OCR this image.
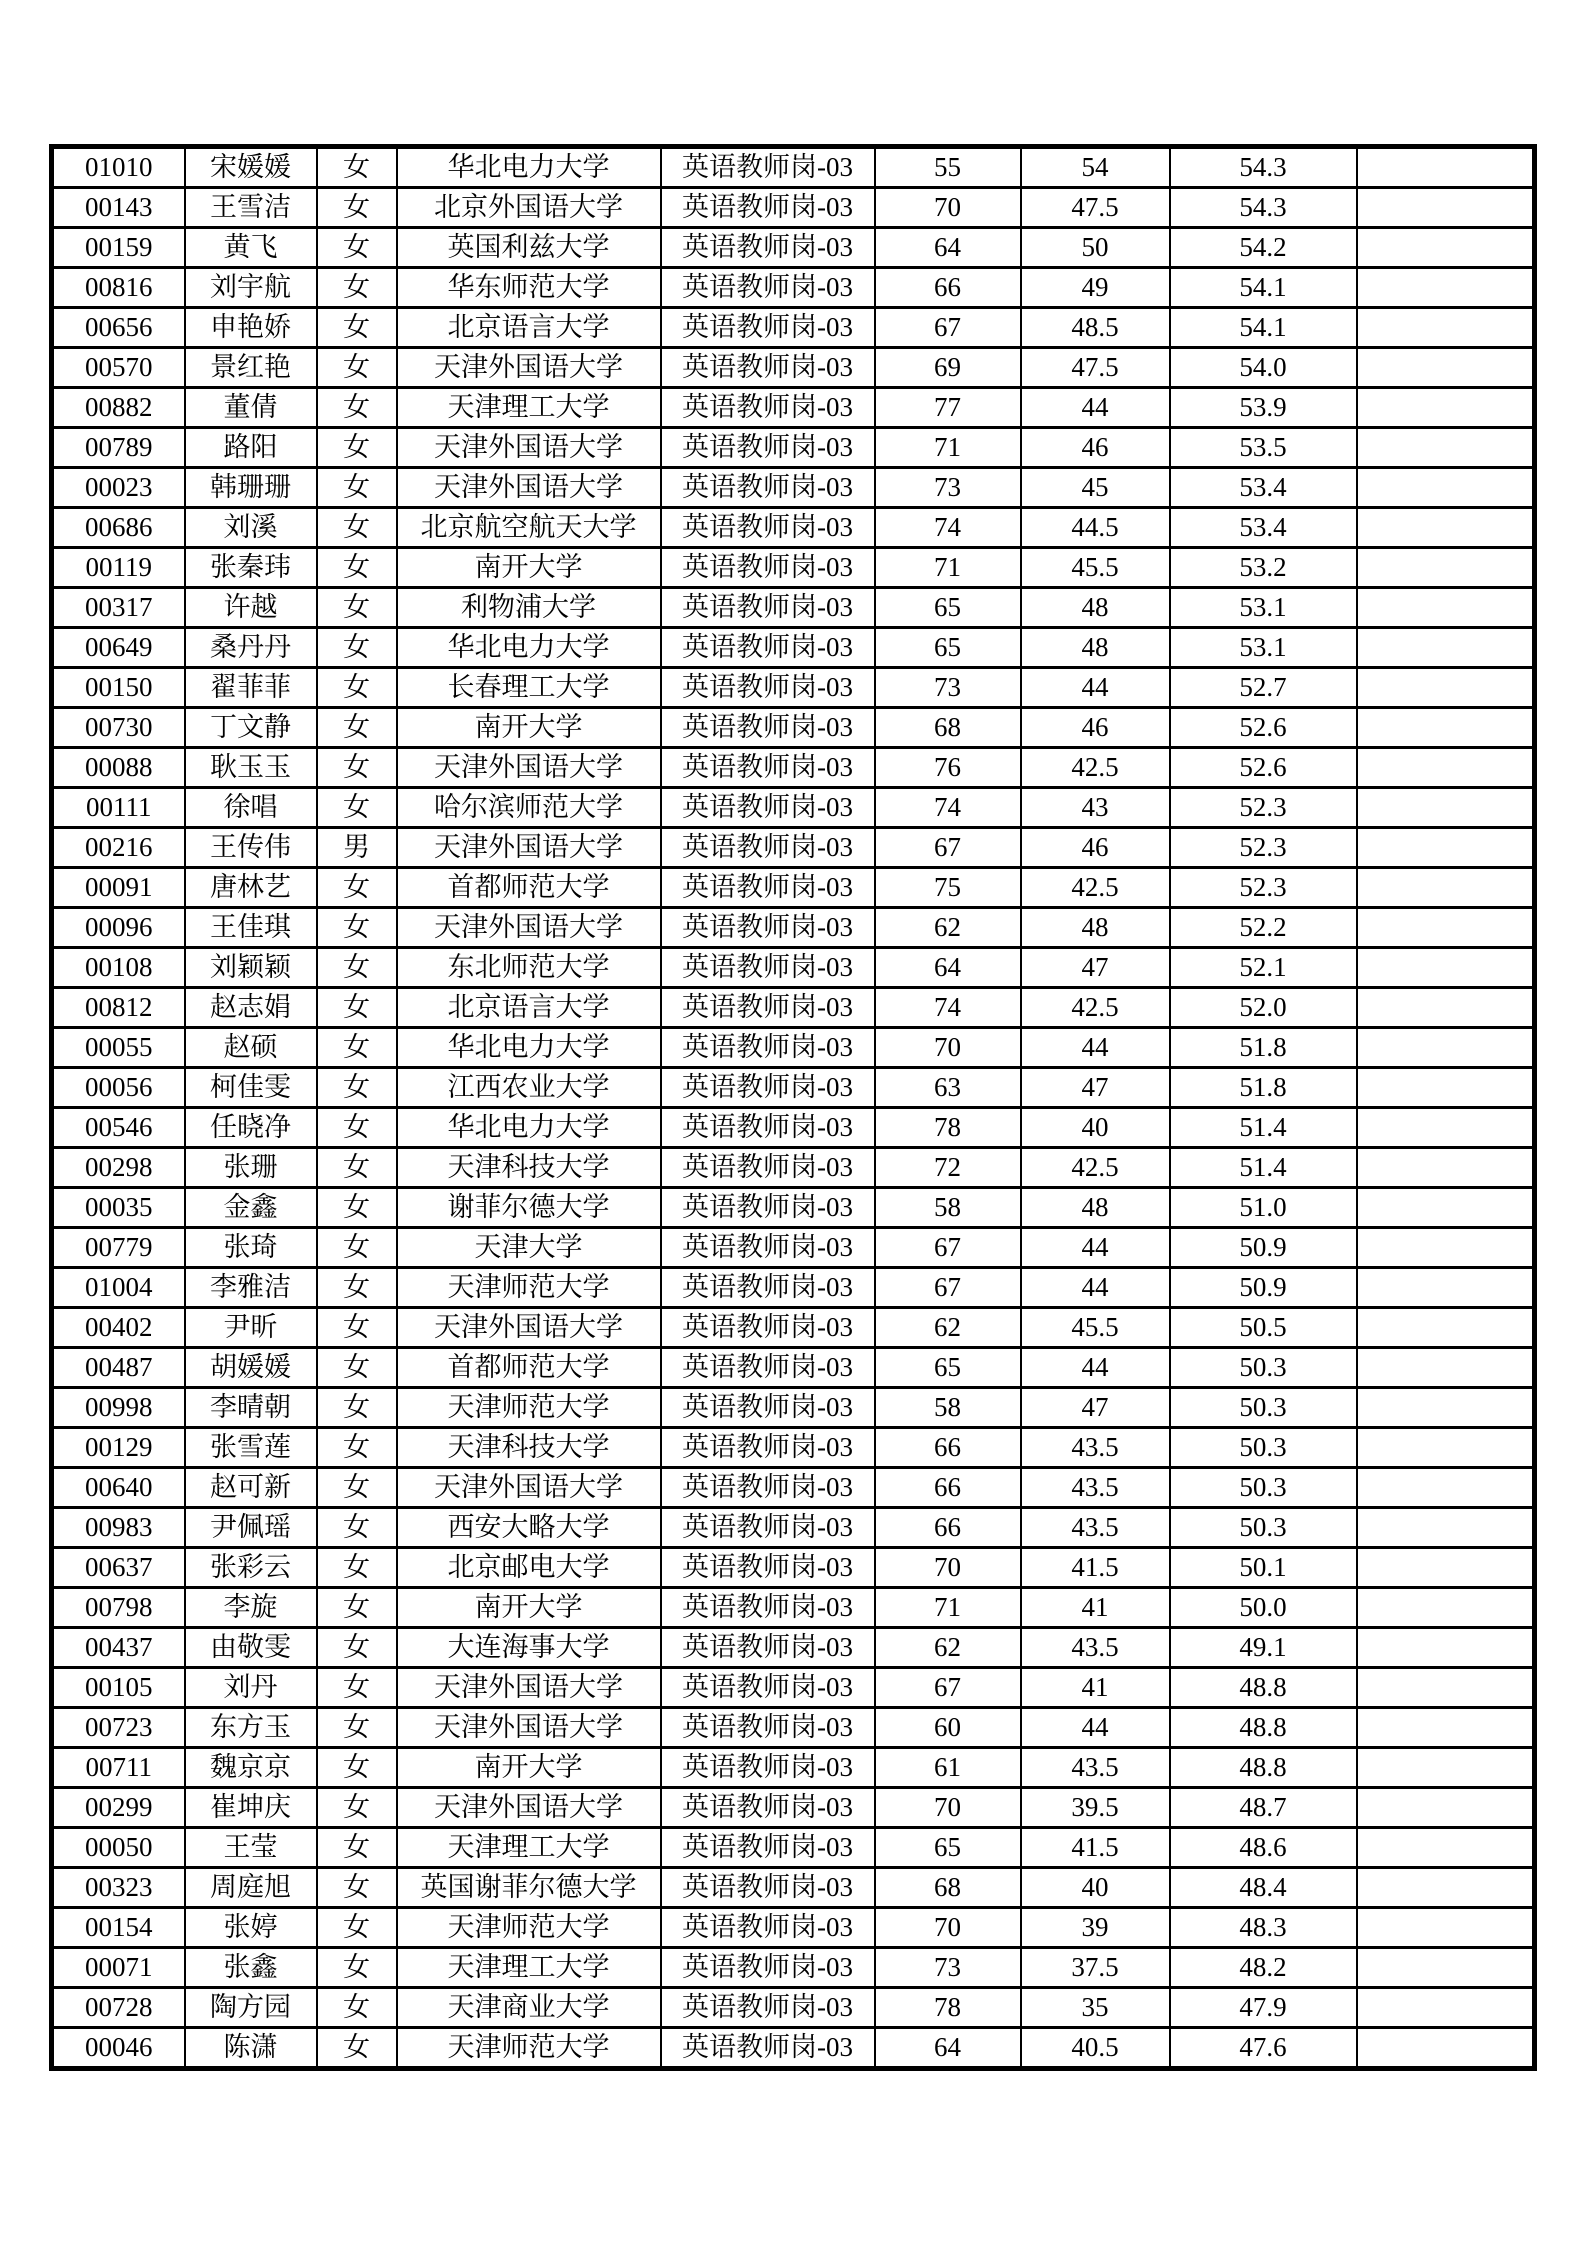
01010	宋媛媛	女	华北电力大学	英语教师岗-03	55	54	54.3	
00143	王雪洁	女	北京外国语大学	英语教师岗-03	70	47.5	54.3	
00159	黄飞	女	英国利兹大学	英语教师岗-03	64	50	54.2	
00816	刘宇航	女	华东师范大学	英语教师岗-03	66	49	54.1	
00656	申艳娇	女	北京语言大学	英语教师岗-03	67	48.5	54.1	
00570	景红艳	女	天津外国语大学	英语教师岗-03	69	47.5	54.0	
00882	董倩	女	天津理工大学	英语教师岗-03	77	44	53.9	
00789	路阳	女	天津外国语大学	英语教师岗-03	71	46	53.5	
00023	韩珊珊	女	天津外国语大学	英语教师岗-03	73	45	53.4	
00686	刘溪	女	北京航空航天大学	英语教师岗-03	74	44.5	53.4	
00119	张秦玮	女	南开大学	英语教师岗-03	71	45.5	53.2	
00317	许越	女	利物浦大学	英语教师岗-03	65	48	53.1	
00649	桑丹丹	女	华北电力大学	英语教师岗-03	65	48	53.1	
00150	翟菲菲	女	长春理工大学	英语教师岗-03	73	44	52.7	
00730	丁文静	女	南开大学	英语教师岗-03	68	46	52.6	
00088	耿玉玉	女	天津外国语大学	英语教师岗-03	76	42.5	52.6	
00111	徐唱	女	哈尔滨师范大学	英语教师岗-03	74	43	52.3	
00216	王传伟	男	天津外国语大学	英语教师岗-03	67	46	52.3	
00091	唐林艺	女	首都师范大学	英语教师岗-03	75	42.5	52.3	
00096	王佳琪	女	天津外国语大学	英语教师岗-03	62	48	52.2	
00108	刘颖颖	女	东北师范大学	英语教师岗-03	64	47	52.1	
00812	赵志娟	女	北京语言大学	英语教师岗-03	74	42.5	52.0	
00055	赵硕	女	华北电力大学	英语教师岗-03	70	44	51.8	
00056	柯佳雯	女	江西农业大学	英语教师岗-03	63	47	51.8	
00546	任晓净	女	华北电力大学	英语教师岗-03	78	40	51.4	
00298	张珊	女	天津科技大学	英语教师岗-03	72	42.5	51.4	
00035	金鑫	女	谢菲尔德大学	英语教师岗-03	58	48	51.0	
00779	张琦	女	天津大学	英语教师岗-03	67	44	50.9	
01004	李雅洁	女	天津师范大学	英语教师岗-03	67	44	50.9	
00402	尹昕	女	天津外国语大学	英语教师岗-03	62	45.5	50.5	
00487	胡媛媛	女	首都师范大学	英语教师岗-03	65	44	50.3	
00998	李晴朝	女	天津师范大学	英语教师岗-03	58	47	50.3	
00129	张雪莲	女	天津科技大学	英语教师岗-03	66	43.5	50.3	
00640	赵可新	女	天津外国语大学	英语教师岗-03	66	43.5	50.3	
00983	尹佩瑶	女	西安大略大学	英语教师岗-03	66	43.5	50.3	
00637	张彩云	女	北京邮电大学	英语教师岗-03	70	41.5	50.1	
00798	李旋	女	南开大学	英语教师岗-03	71	41	50.0	
00437	由敬雯	女	大连海事大学	英语教师岗-03	62	43.5	49.1	
00105	刘丹	女	天津外国语大学	英语教师岗-03	67	41	48.8	
00723	东方玉	女	天津外国语大学	英语教师岗-03	60	44	48.8	
00711	魏京京	女	南开大学	英语教师岗-03	61	43.5	48.8	
00299	崔坤庆	女	天津外国语大学	英语教师岗-03	70	39.5	48.7	
00050	王莹	女	天津理工大学	英语教师岗-03	65	41.5	48.6	
00323	周庭旭	女	英国谢菲尔德大学	英语教师岗-03	68	40	48.4	
00154	张婷	女	天津师范大学	英语教师岗-03	70	39	48.3	
00071	张鑫	女	天津理工大学	英语教师岗-03	73	37.5	48.2	
00728	陶方园	女	天津商业大学	英语教师岗-03	78	35	47.9	
00046	陈潇	女	天津师范大学	英语教师岗-03	64	40.5	47.6	
